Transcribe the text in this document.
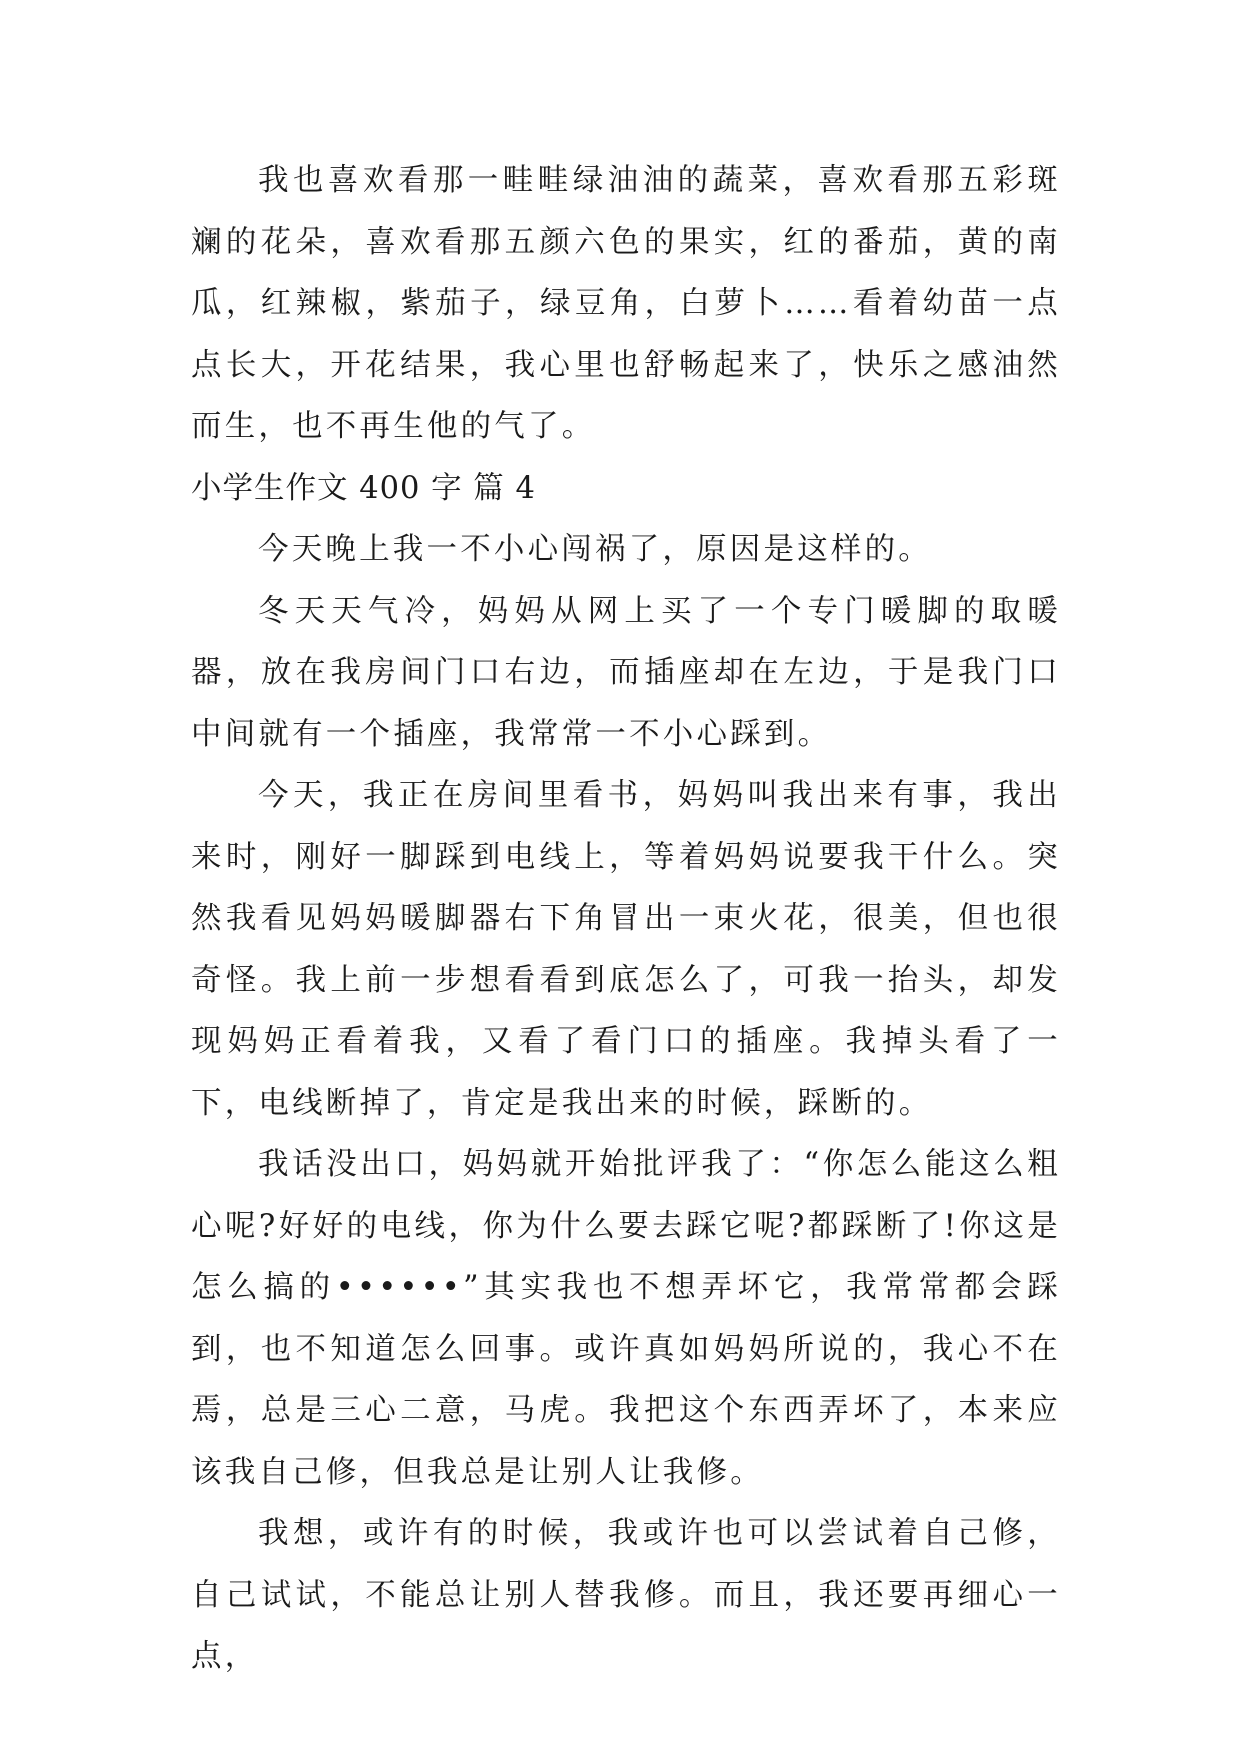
我也喜欢看那一畦畦绿油油的蔬菜，喜欢看那五彩斑斓的花朵，喜欢看那五颜六色的果实，红的番茄，黄的南瓜，红辣椒，紫茄子，绿豆角，白萝卜……看着幼苗一点点长大，开花结果，我心里也舒畅起来了，快乐之感油然而生，也不再生他的气了。

小学生作文 400 字 篇 4

今天晚上我一不小心闯祸了，原因是这样的。

冬天天气冷，妈妈从网上买了一个专门暖脚的取暖器，放在我房间门口右边，而插座却在左边，于是我门口中间就有一个插座，我常常一不小心踩到。

今天，我正在房间里看书，妈妈叫我出来有事，我出来时，刚好一脚踩到电线上，等着妈妈说要我干什么。突然我看见妈妈暖脚器右下角冒出一束火花，很美，但也很奇怪。我上前一步想看看到底怎么了，可我一抬头，却发现妈妈正看着我，又看了看门口的插座。我掉头看了一下，电线断掉了，肯定是我出来的时候，踩断的。

我话没出口，妈妈就开始批评我了：“你怎么能这么粗心呢?好好的电线，你为什么要去踩它呢?都踩断了!你这是怎么搞的••••••”其实我也不想弄坏它，我常常都会踩到，也不知道怎么回事。或许真如妈妈所说的，我心不在焉，总是三心二意，马虎。我把这个东西弄坏了，本来应该我自己修，但我总是让别人让我修。

我想，或许有的时候，我或许也可以尝试着自己修，自己试试，不能总让别人替我修。而且，我还要再细心一点，
